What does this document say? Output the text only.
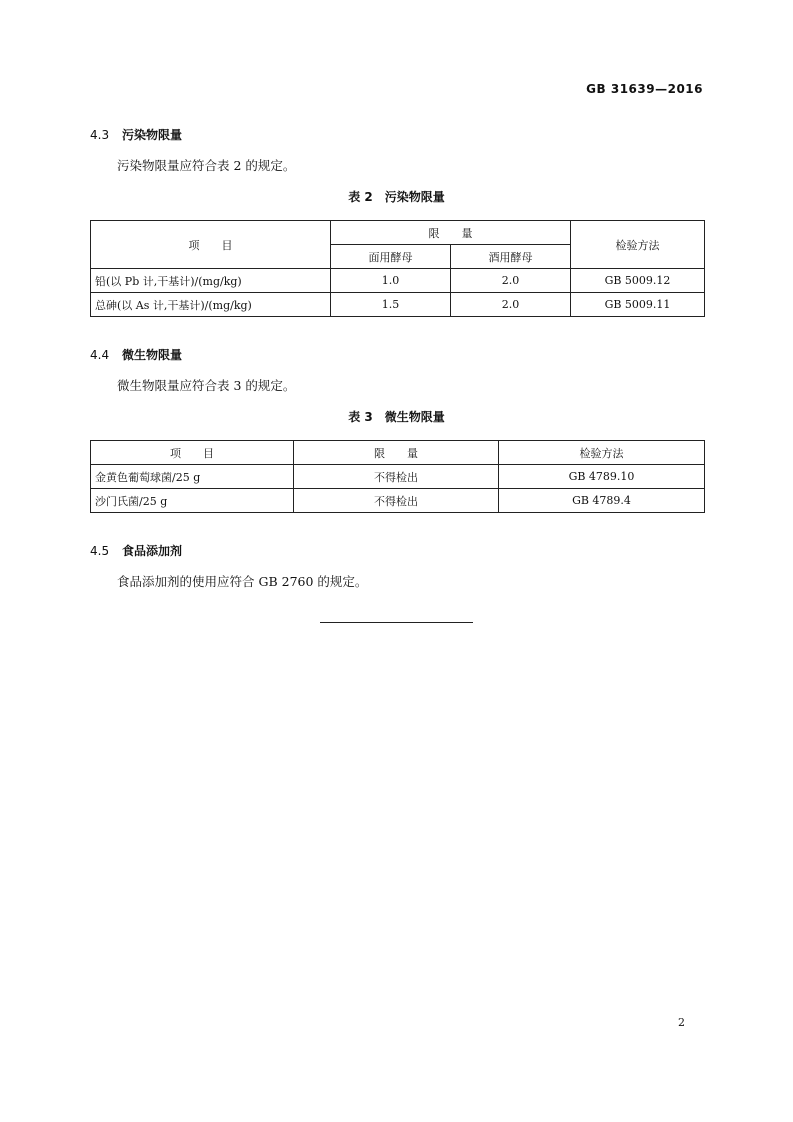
GB 31639—2016
4.3 污染物限量
污染物限量应符合表 2 的规定。
表 2　污染物限量
项　　目	限　　量		检验方法
	面用酵母	酒用酵母	
铅(以 Pb 计,干基计)/(mg/kg)	1.0	2.0	GB 5009.12
总砷(以 As 计,干基计)/(mg/kg)	1.5	2.0	GB 5009.11
4.4 微生物限量
微生物限量应符合表 3 的规定。
表 3　微生物限量
项　　目	限　　量	检验方法
金黄色葡萄球菌/25 g	不得检出	GB 4789.10
沙门氏菌/25 g	不得检出	GB 4789.4
4.5 食品添加剂
食品添加剂的使用应符合 GB 2760 的规定。
2
